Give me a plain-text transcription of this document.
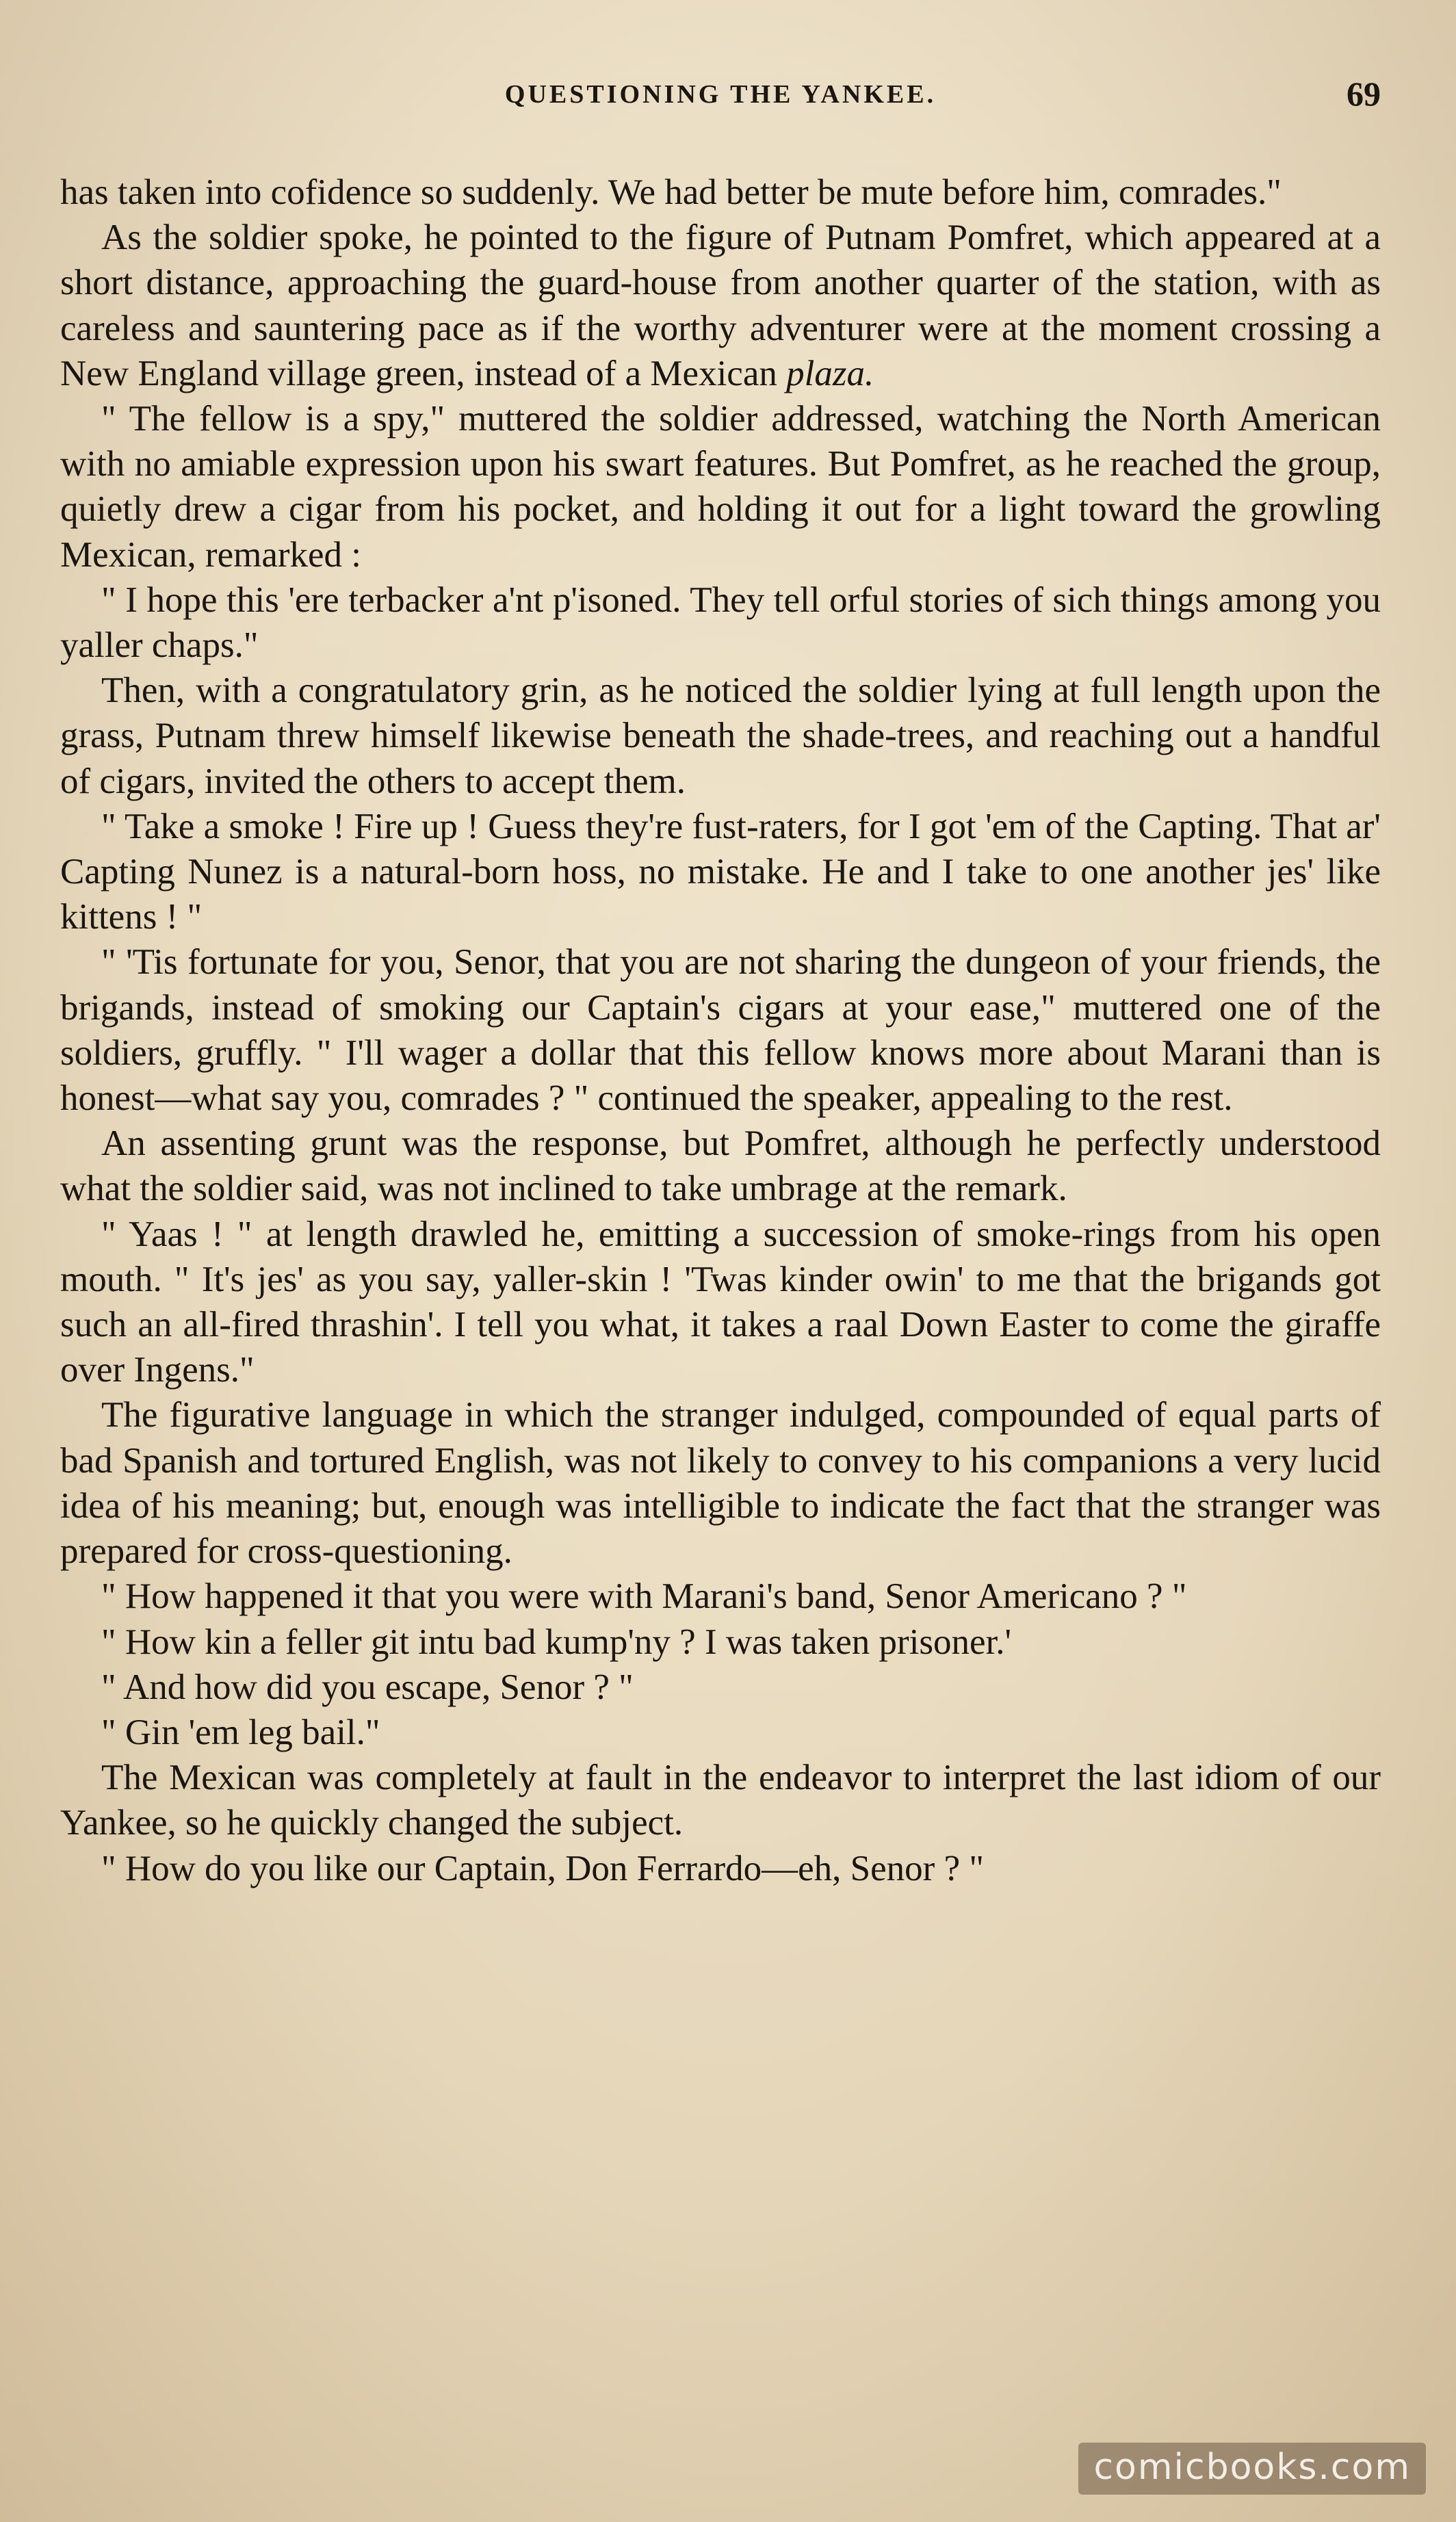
QUESTIONING THE YANKEE.	69

has taken into cofidence so suddenly. We had better be mute before him, comrades."

As the soldier spoke, he pointed to the figure of Putnam Pomfret, which appeared at a short distance, approaching the guard-house from another quarter of the station, with as careless and sauntering pace as if the worthy adventurer were at the moment crossing a New England village green, instead of a Mexican plaza.

" The fellow is a spy," muttered the soldier addressed, watching the North American with no amiable expression upon his swart features. But Pomfret, as he reached the group, quietly drew a cigar from his pocket, and holding it out for a light toward the growling Mexican, remarked :

" I hope this 'ere terbacker a'nt p'isoned. They tell orful stories of sich things among you yaller chaps."

Then, with a congratulatory grin, as he noticed the soldier lying at full length upon the grass, Putnam threw himself likewise beneath the shade-trees, and reaching out a handful of cigars, invited the others to accept them.

" Take a smoke ! Fire up ! Guess they're fust-raters, for I got 'em of the Capting. That ar' Capting Nunez is a natural-born hoss, no mistake. He and I take to one another jes' like kittens ! "

" 'Tis fortunate for you, Senor, that you are not sharing the dungeon of your friends, the brigands, instead of smoking our Captain's cigars at your ease," muttered one of the soldiers, gruffly. " I'll wager a dollar that this fellow knows more about Marani than is honest—what say you, comrades ? " continued the speaker, appealing to the rest.

An assenting grunt was the response, but Pomfret, although he perfectly understood what the soldier said, was not inclined to take umbrage at the remark.

" Yaas ! " at length drawled he, emitting a succession of smoke-rings from his open mouth. " It's jes' as you say, yaller-skin ! 'Twas kinder owin' to me that the brigands got such an all-fired thrashin'. I tell you what, it takes a raal Down Easter to come the giraffe over Ingens."

The figurative language in which the stranger indulged, compounded of equal parts of bad Spanish and tortured English, was not likely to convey to his companions a very lucid idea of his meaning; but, enough was intelligible to indicate the fact that the stranger was prepared for cross-questioning.

" How happened it that you were with Marani's band, Senor Americano ? "

" How kin a feller git intu bad kump'ny ? I was taken prisoner.'

" And how did you escape, Senor ? "

" Gin 'em leg bail."

The Mexican was completely at fault in the endeavor to interpret the last idiom of our Yankee, so he quickly changed the subject.

" How do you like our Captain, Don Ferrardo—eh, Senor ? "

comicbooks.com
